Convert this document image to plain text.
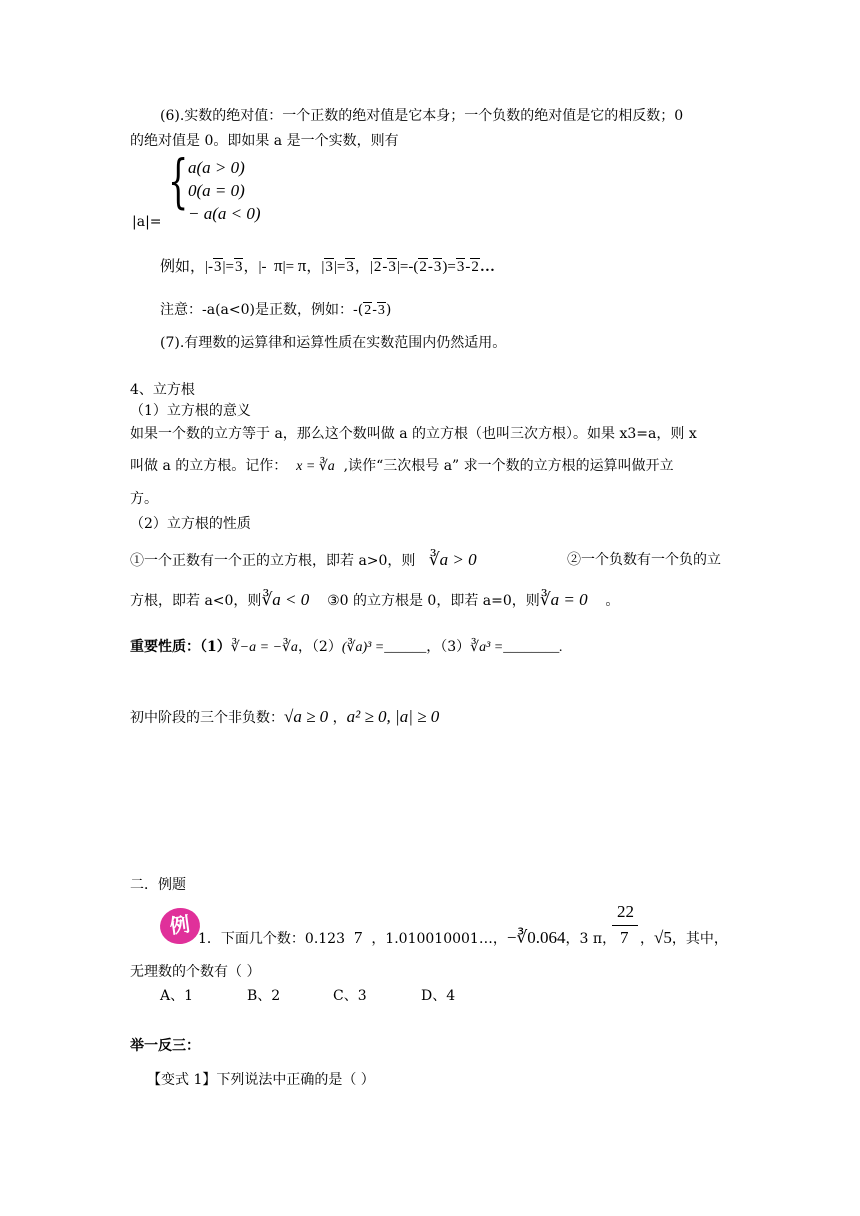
(6).实数的绝对值：一个正数的绝对值是它本身；一个负数的绝对值是它的相反数；0
的绝对值是 0。即如果 a 是一个实数，则有
{ a(a > 0)
0(a = 0)
− a(a < 0)
|a|=
例如，|-3|=3，|- π|= π，|3|=3，|2-3|=-(2-3)=3-2…
注意：-a(a<0)是正数，例如：-(2-3)
(7).有理数的运算律和运算性质在实数范围内仍然适用。
4、立方根
（1）立方根的意义
如果一个数的立方等于 a，那么这个数叫做 a 的立方根（也叫三次方根）。如果 x3=a，则 x
叫做 a 的立方根。记作： x = ∛a ,读作“三次根号 a” 求一个数的立方根的运算叫做开立
方。
（2）立方根的性质
①一个正数有一个正的立方根，即若 a>0，则 ∛a > 0	②一个负数有一个负的立
方根，即若 a<0，则∛a < 0 ③0 的立方根是 0，即若 a=0，则∛a = 0 。
重要性质：（1）∛−a = −∛a，（2）(∛a)³ =______，（3）∛a³ =________.
初中阶段的三个非负数：√a ≥ 0 ，a² ≥ 0, |a| ≥ 0
二．例题
例
1．下面几个数：0.123 7 ，1.010010001…，−∛0.064，3 π，
22
7 ，√5，其中，
无理数的个数有（ ）
A、1	B、2	C、3	D、4
举一反三：
【变式 1】下列说法中正确的是（ ）
